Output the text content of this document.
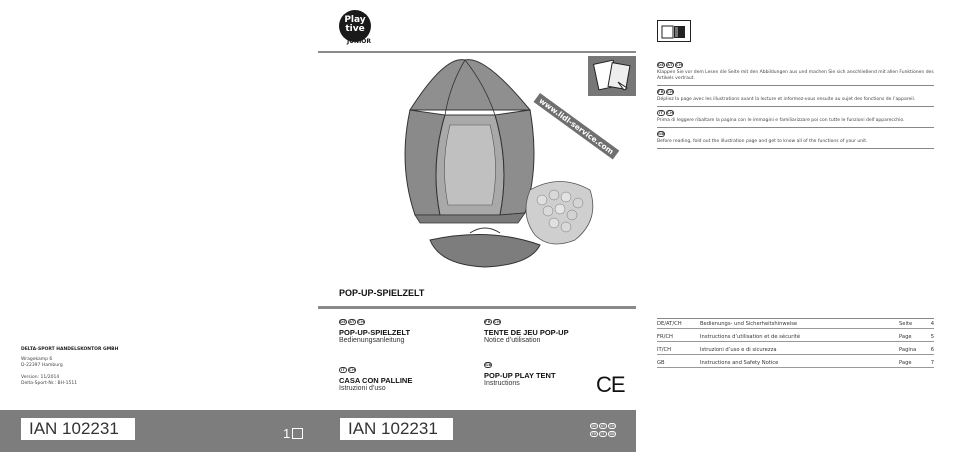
DELTA-SPORT HANDELSKONTOR GMBH
Wragekamp 6
D-22397 Hamburg
Version: 11/2014
Delta-Sport-Nr.: BH-1511
IAN 102231	1
Play
tive
JUNIOR
www.lidl-service.com
POP-UP-SPIELZELT
DE AT CH
POP-UP-SPIELZELT
Bedienungsanleitung
FR CH
TENTE DE JEU POP-UP
Notice d’utilisation
IT CH
CASA CON PALLINE
Istruzioni d’uso
GB
POP-UP PLAY TENT
Instructions	CE
IAN 102231	DE AT CH
FR IT GB
DE AT CH
Klappen Sie vor dem Lesen die Seite mit den Abbildungen aus und machen Sie sich anschließend mit allen Funktionen des Artikels vertraut.
FR CH
Dépliez la page avec les illustrations avant la lecture et informez-vous ensuite au sujet des fonctions de l’appareil.
IT CH
Prima di leggere ribaltare la pagina con le immagini e familiarizzare poi con tutte le funzioni dell’apparecchio.
GB
Before reading, fold out the illustration page and get to know all of the functions of your unit.
DE/AT/CH	Bedienungs- und Sicherheitshinweise	Seite	4
FR/CH	Instructions d’utilisation et de sécurité	Page	5
IT/CH	Istruzioni d’uso e di sicurezza	Pagina	6
GB	Instructions and Safety Notice	Page	7
